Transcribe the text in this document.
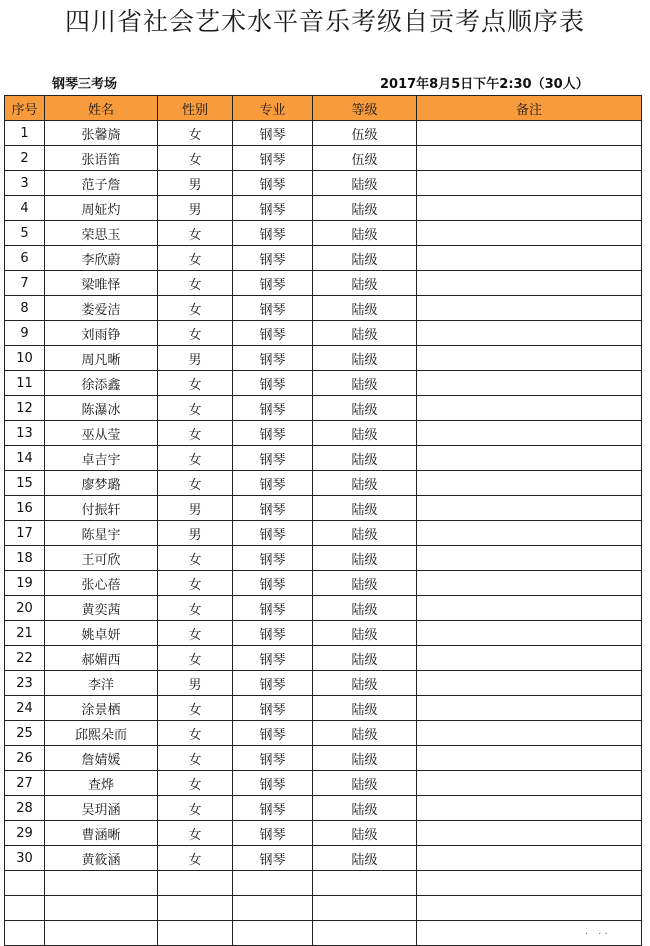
四川省社会艺术水平音乐考级自贡考点顺序表
钢琴三考场	2017年8月5日下午2:30（30人）
序号	姓名	性别	专业	等级	备注
1	张馨旖	女	钢琴	伍级	
2	张语笛	女	钢琴	伍级	
3	范子詹	男	钢琴	陆级	
4	周姃灼	男	钢琴	陆级	
5	荣思玉	女	钢琴	陆级	
6	李欣蔚	女	钢琴	陆级	
7	梁唯怿	女	钢琴	陆级	
8	娄爱洁	女	钢琴	陆级	
9	刘雨铮	女	钢琴	陆级	
10	周凡晰	男	钢琴	陆级	
11	徐添鑫	女	钢琴	陆级	
12	陈瀑冰	女	钢琴	陆级	
13	巫从莹	女	钢琴	陆级	
14	卓吉宇	女	钢琴	陆级	
15	廖梦璐	女	钢琴	陆级	
16	付振轩	男	钢琴	陆级	
17	陈星宇	男	钢琴	陆级	
18	王可欣	女	钢琴	陆级	
19	张心蓓	女	钢琴	陆级	
20	黄奕茜	女	钢琴	陆级	
21	姚卓妍	女	钢琴	陆级	
22	郝媚西	女	钢琴	陆级	
23	李洋	男	钢琴	陆级	
24	涂景栖	女	钢琴	陆级	
25	邱熙朵而	女	钢琴	陆级	
26	詹婧媛	女	钢琴	陆级	
27	查烨	女	钢琴	陆级	
28	吴玥涵	女	钢琴	陆级	
29	曹涵晰	女	钢琴	陆级	
30	黄筱涵	女	钢琴	陆级	

·　· ·
